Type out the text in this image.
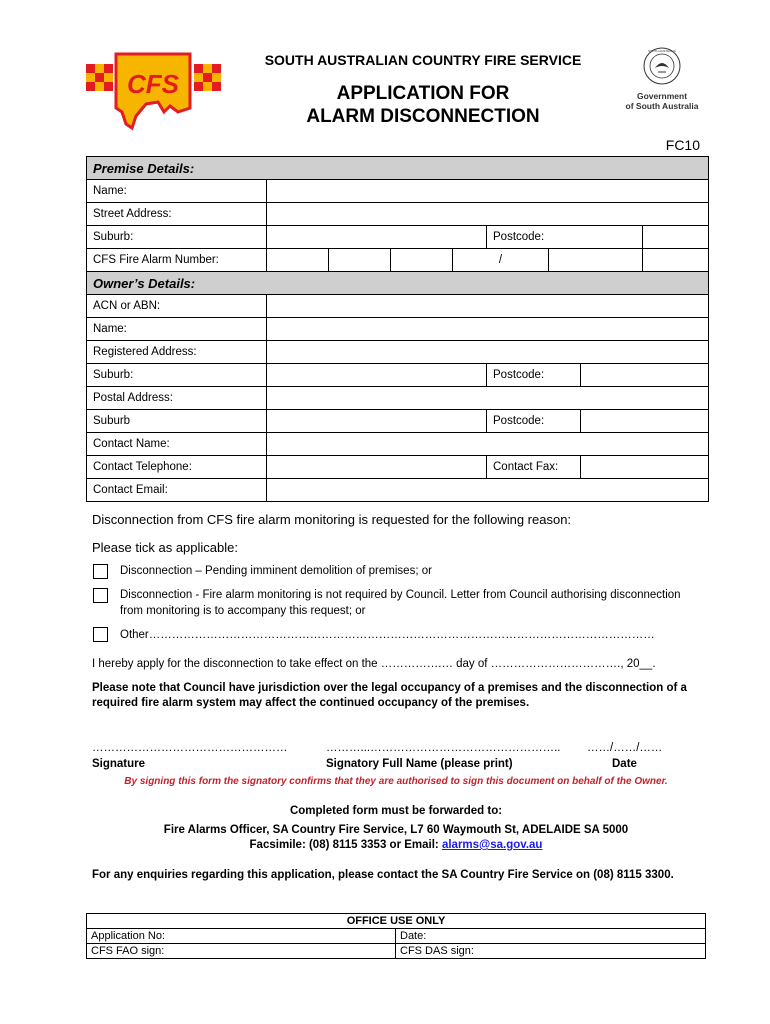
CFS
SOUTH AUSTRALIAN COUNTRY FIRE SERVICE
APPLICATION FOR
ALARM DISCONNECTION
SOUTH AUSTRALIA
Government
of South Australia
FC10
Premise Details:								
Name:								
Street Address:								
Suburb:					Postcode:			
CFS Fire Alarm Number:				/				
Owner’s Details:								
ACN or ABN:								
Name:								
Registered Address:								
Suburb:					Postcode:			
Postal Address:								
Suburb					Postcode:			
Contact Name:								
Contact Telephone:					Contact Fax:			
Contact Email:								
Disconnection from CFS fire alarm monitoring is requested for the following reason:
Please tick as applicable:
Disconnection – Pending imminent demolition of premises; or
Disconnection - Fire alarm monitoring is not required by Council. Letter from Council authorising disconnection
from monitoring is to accompany this request; or
Other……………………………………………………………………………………………………………………
I hereby apply for the disconnection to take effect on the …………….… day of ……………………………., 20__.
Please note that Council have jurisdiction over the legal occupancy of a premises and the disconnection of a
required fire alarm system may affect the continued occupancy of the premises.
……………………………………………	………...………………………………………….. ……/……/……
Signature	Signatory Full Name (please print)	Date
By signing this form the signatory confirms that they are authorised to sign this document on behalf of the Owner.
Completed form must be forwarded to:
Fire Alarms Officer, SA Country Fire Service, L7 60 Waymouth St, ADELAIDE SA 5000
Facsimile: (08) 8115 3353 or Email: alarms@sa.gov.au
For any enquiries regarding this application, please contact the SA Country Fire Service on (08) 8115 3300.
OFFICE USE ONLY	
Application No:	Date:
CFS FAO sign:	CFS DAS sign:
